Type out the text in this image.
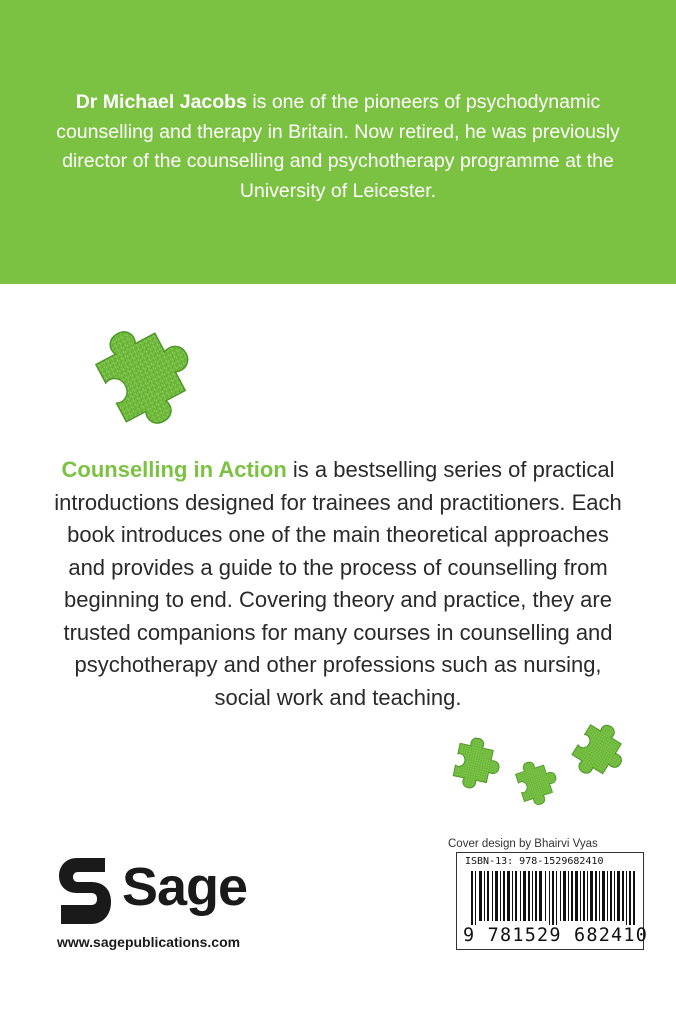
Dr Michael Jacobs is one of the pioneers of psychodynamic counselling and therapy in Britain. Now retired, he was previously director of the counselling and psychotherapy programme at the University of Leicester.

Counselling in Action is a bestselling series of practical introductions designed for trainees and practitioners. Each book introduces one of the main theoretical approaches and provides a guide to the process of counselling from beginning to end. Covering theory and practice, they are trusted companions for many courses in counselling and psychotherapy and other professions such as nursing, social work and teaching.

Sage
www.sagepublications.com
Cover design by Bhairvi Vyas
ISBN-13: 978-1529682410
9 781529 682410
